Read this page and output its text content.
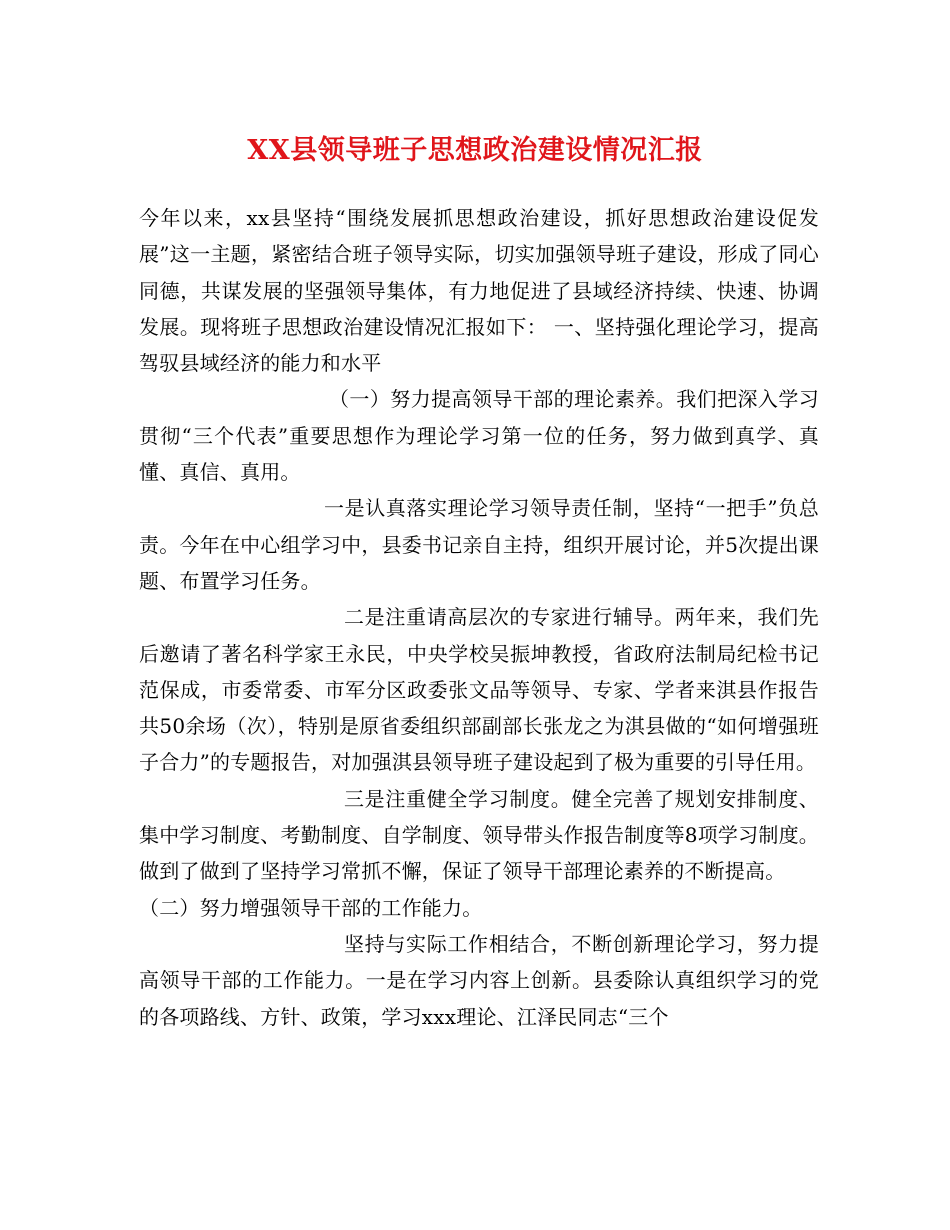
XX县领导班子思想政治建设情况汇报

今年以来，xx县坚持“围绕发展抓思想政治建设，抓好思想政治建设促发展”这一主题，紧密结合班子领导实际，切实加强领导班子建设，形成了同心同德，共谋发展的坚强领导集体，有力地促进了县域经济持续、快速、协调发展。现将班子思想政治建设情况汇报如下： 一、坚持强化理论学习，提高驾驭县域经济的能力和水平

（一）努力提高领导干部的理论素养。我们把深入学习贯彻“三个代表”重要思想作为理论学习第一位的任务，努力做到真学、真懂、真信、真用。

一是认真落实理论学习领导责任制，坚持“一把手”负总责。今年在中心组学习中，县委书记亲自主持，组织开展讨论，并5次提出课题、布置学习任务。

二是注重请高层次的专家进行辅导。两年来，我们先后邀请了著名科学家王永民，中央学校吴振坤教授，省政府法制局纪检书记范保成，市委常委、市军分区政委张文品等领导、专家、学者来淇县作报告共50余场（次），特别是原省委组织部副部长张龙之为淇县做的“如何增强班子合力”的专题报告，对加强淇县领导班子建设起到了极为重要的引导任用。

三是注重健全学习制度。健全完善了规划安排制度、集中学习制度、考勤制度、自学制度、领导带头作报告制度等8项学习制度。做到了做到了坚持学习常抓不懈，保证了领导干部理论素养的不断提高。

（二）努力增强领导干部的工作能力。

坚持与实际工作相结合，不断创新理论学习，努力提高领导干部的工作能力。一是在学习内容上创新。县委除认真组织学习的党的各项路线、方针、政策，学习xxx理论、江泽民同志“三个
